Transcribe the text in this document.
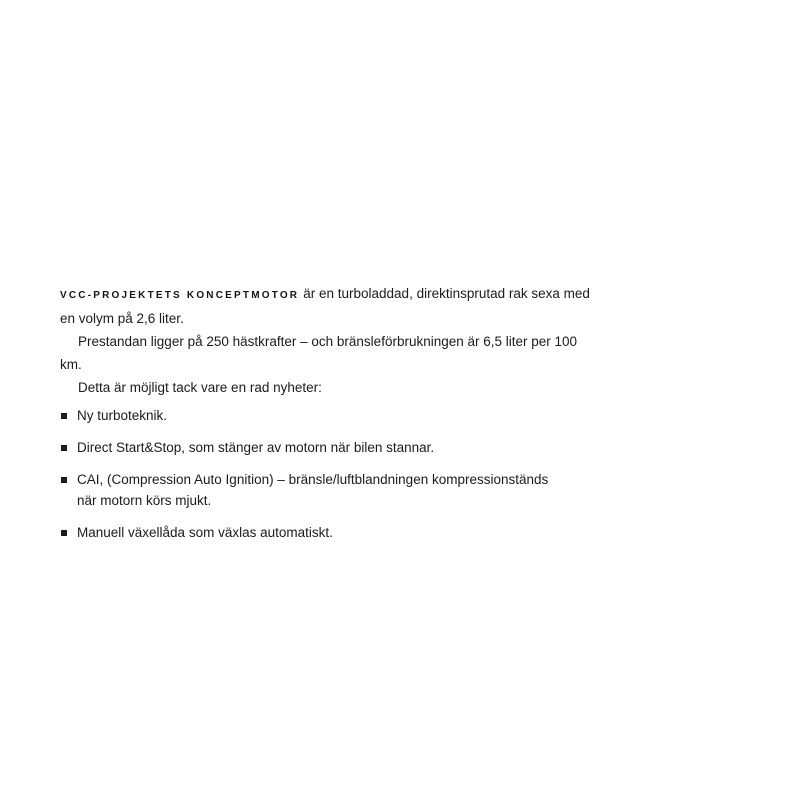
VCC-PROJEKTETS KONCEPTMOTOR är en turboladdad, direktinsprutad rak sexa med en volym på 2,6 liter.

Prestandan ligger på 250 hästkrafter – och bränsleförbrukningen är 6,5 liter per 100 km.

Detta är möjligt tack vare en rad nyheter:

Ny turboteknik.
Direct Start&Stop, som stänger av motorn när bilen stannar.
CAI, (Compression Auto Ignition) – bränsle/luftblandningen kompressionständs
när motorn körs mjukt.
Manuell växellåda som växlas automatiskt.
